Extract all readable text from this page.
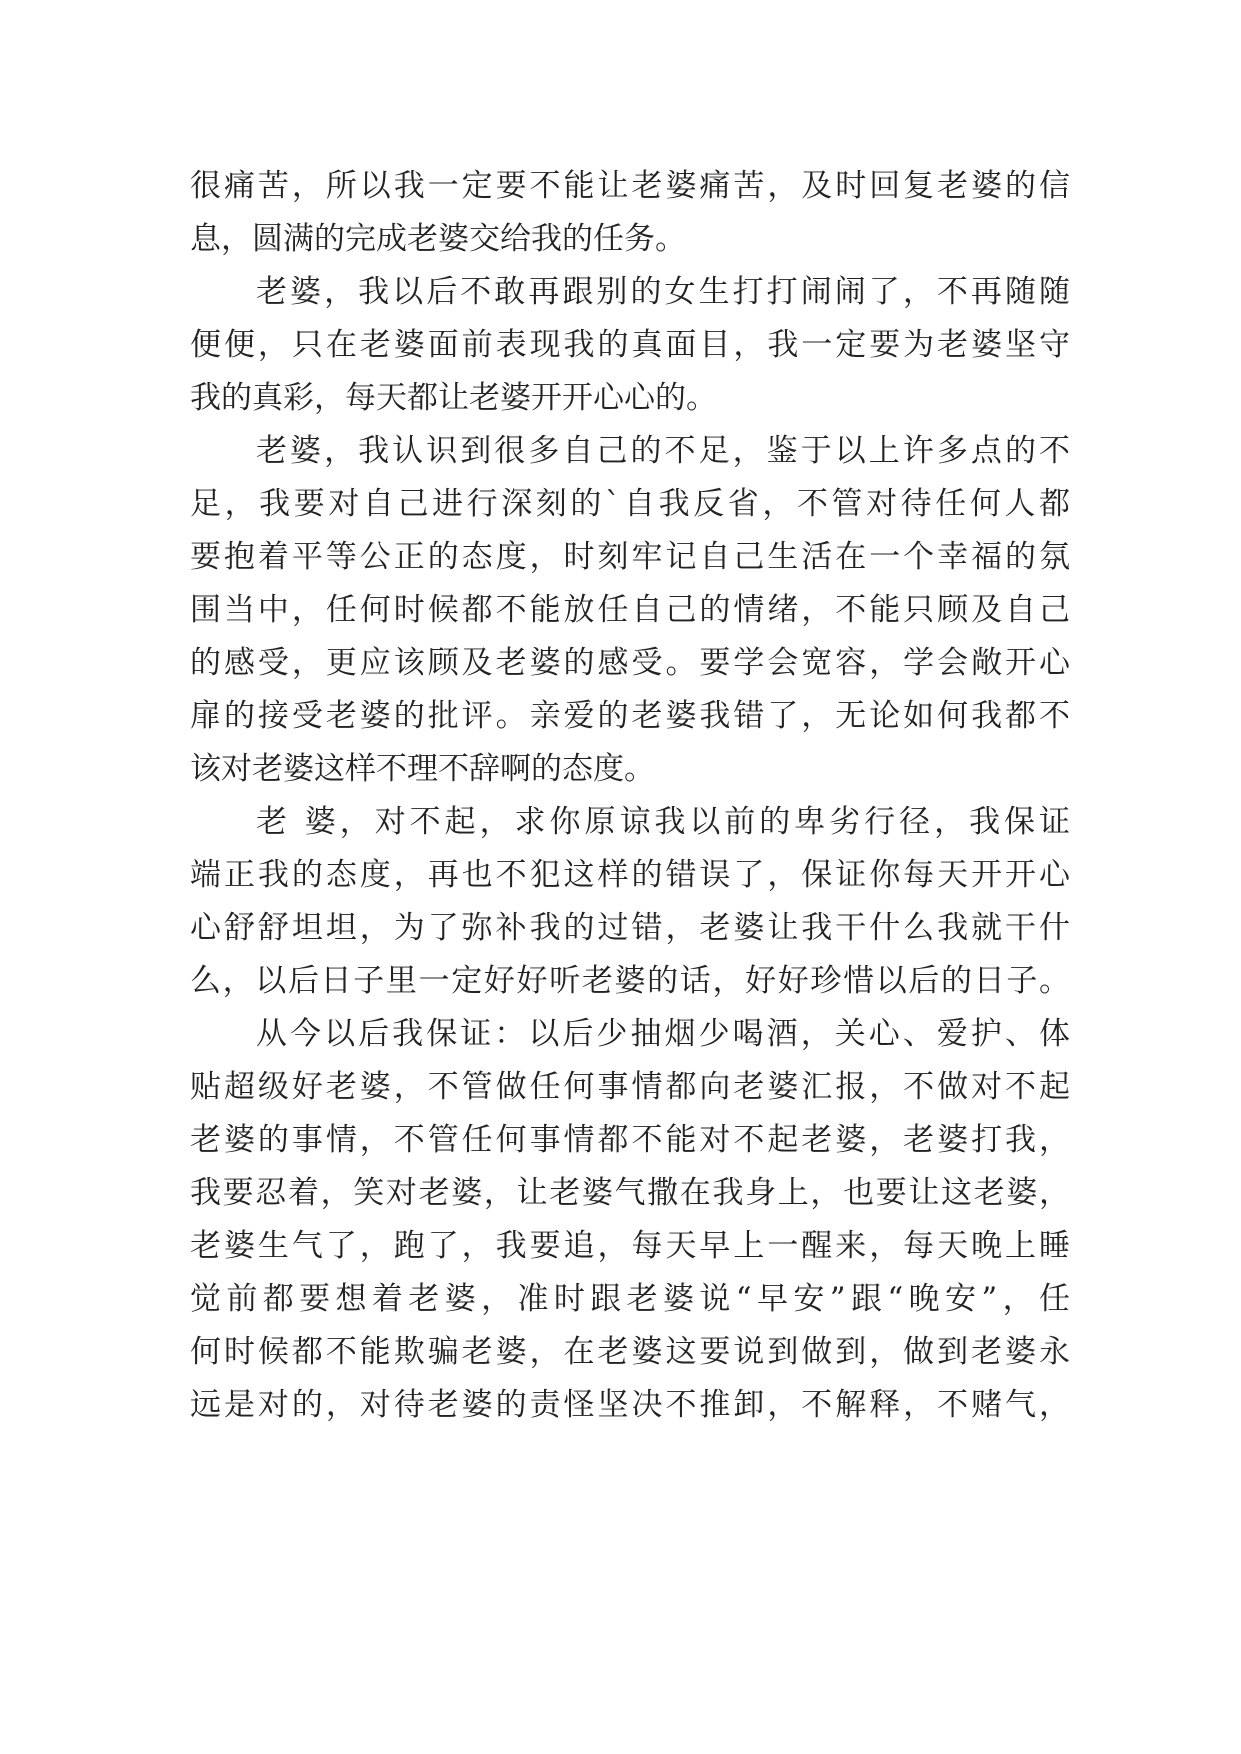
很痛苦，所以我一定要不能让老婆痛苦，及时回复老婆的信
息，圆满的完成老婆交给我的任务。
老婆，我以后不敢再跟别的女生打打闹闹了，不再随随
便便，只在老婆面前表现我的真面目，我一定要为老婆坚守
我的真彩，每天都让老婆开开心心的。
老婆，我认识到很多自己的不足，鉴于以上许多点的不
足，我要对自己进行深刻的`自我反省，不管对待任何人都
要抱着平等公正的态度，时刻牢记自己生活在一个幸福的氛
围当中，任何时候都不能放任自己的情绪，不能只顾及自己
的感受，更应该顾及老婆的感受。要学会宽容，学会敞开心
扉的接受老婆的批评。亲爱的老婆我错了，无论如何我都不
该对老婆这样不理不辞啊的态度。
老 婆，对不起，求你原谅我以前的卑劣行径，我保证
端正我的态度，再也不犯这样的错误了，保证你每天开开心
心舒舒坦坦，为了弥补我的过错，老婆让我干什么我就干什
么，以后日子里一定好好听老婆的话，好好珍惜以后的日子。
从今以后我保证：以后少抽烟少喝酒，关心、爱护、体
贴超级好老婆，不管做任何事情都向老婆汇报，不做对不起
老婆的事情，不管任何事情都不能对不起老婆，老婆打我，
我要忍着，笑对老婆，让老婆气撒在我身上，也要让这老婆，
老婆生气了，跑了，我要追，每天早上一醒来，每天晚上睡
觉前都要想着老婆，准时跟老婆说“早安”跟“晚安”，任
何时候都不能欺骗老婆，在老婆这要说到做到，做到老婆永
远是对的，对待老婆的责怪坚决不推卸，不解释，不赌气，
